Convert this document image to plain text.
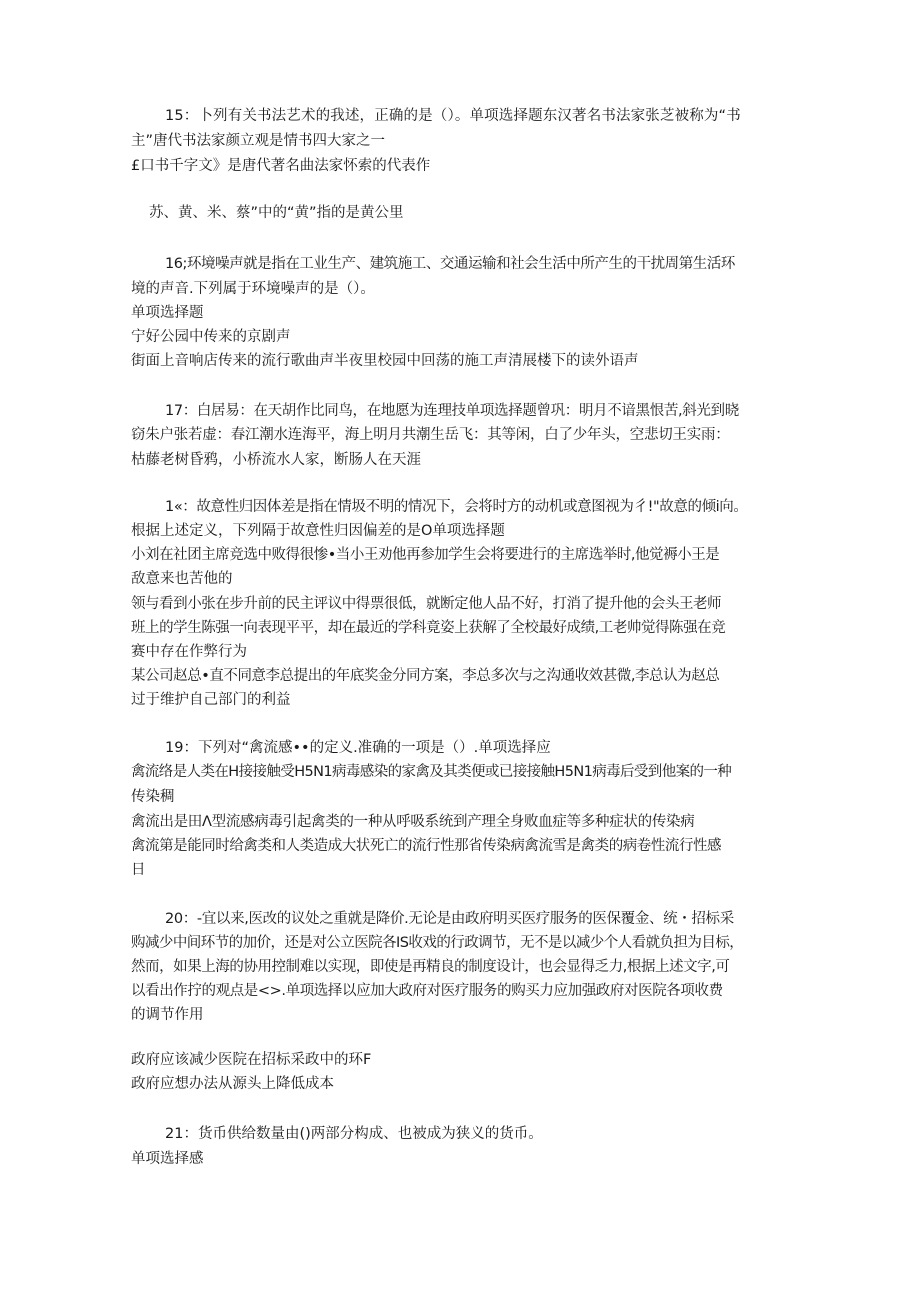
15：卜列有关书法艺术的我述，正确的是（）。单项选择题东汉著名书法家张芝被称为“书
主”唐代书法家颜立观是情书四大家之一
£口书千字文》是唐代著名曲法家怀索的代表作
苏、黄、米、蔡”中的“黄”指的是黄公里
16;环境噪声就是指在工业生产、建筑施工、交通运输和社会生活中所产生的干扰周第生活环
境的声音.下列属于环境噪声的是（）。
单项选择题
宁好公园中传来的京剧声
街面上音响店传来的流行歌曲声半夜里校园中回荡的施工声清展楼下的读外语声
17：白居易：在天胡作比同鸟，在地愿为连理技单项选择题曾巩：明月不谙黑恨苦,斜光到晓
窃朱户张若虚：春江潮水连海平，海上明月共潮生岳飞：其等闲，白了少年头，空悲切王实雨：
枯藤老树昏鸦，小桥流水人家，断肠人在天涯
1«：故意性归因体差是指在情圾不明的情况下，会将时方的动机或意图视为彳!"故意的倾i向。
根据上述定义，下列隔于故意性归因偏差的是O单项选择题
小刘在社团主席竞选中败得很惨•当小王劝他再参加学生会将要进行的主席选举时,他觉褥小王是
敌意来也苦他的
领与看到小张在步升前的民主评议中得票很低，就断定他人品不好，打消了提升他的会头王老师
班上的学生陈强一向表现平平，却在最近的学科竟姿上获解了全校最好成绩,工老帅觉得陈强在竞
赛中存在作弊行为
某公司赵总•直不同意李总提出的年底奖金分同方案，李总多次与之沟通收效甚微,李总认为赵总
过于维护自己部门的利益
19：下列对“禽流感••的定义.准确的一项是（）.单项选择应
禽流络是人类在H接接触受H5N1病毒感染的家禽及其类便或已接接触H5N1病毒后受到他案的一种
传染稠
禽流出是田Λ型流感病毒引起禽类的一种从呼吸系统到产理全身败血症等多种症状的传染病
禽流第是能同时给禽类和人类造成大状死亡的流行性那省传染病禽流雪是禽类的病卷性流行性感
日
20：-宜以来,医改的议处之重就是降价.无论是由政府明买医疗服务的医保覆金、统・招标采
购减少中间环节的加价，还是对公立医院各IS收戏的行政调节，无不是以减少个人看就负担为目标，
然而，如果上海的协用控制难以实现，即使是再精良的制度设计，也会显得乏力,根据上述文字,可
以看出作拧的观点是<>.单项选择以应加大政府对医疗服务的购买力应加强政府对医院各项收费
的调节作用
政府应该减少医院在招标采政中的环F
政府应想办法从源头上降低成本
21：货币供给数量由()两部分构成、也被成为狭义的货币。
单项选择感
